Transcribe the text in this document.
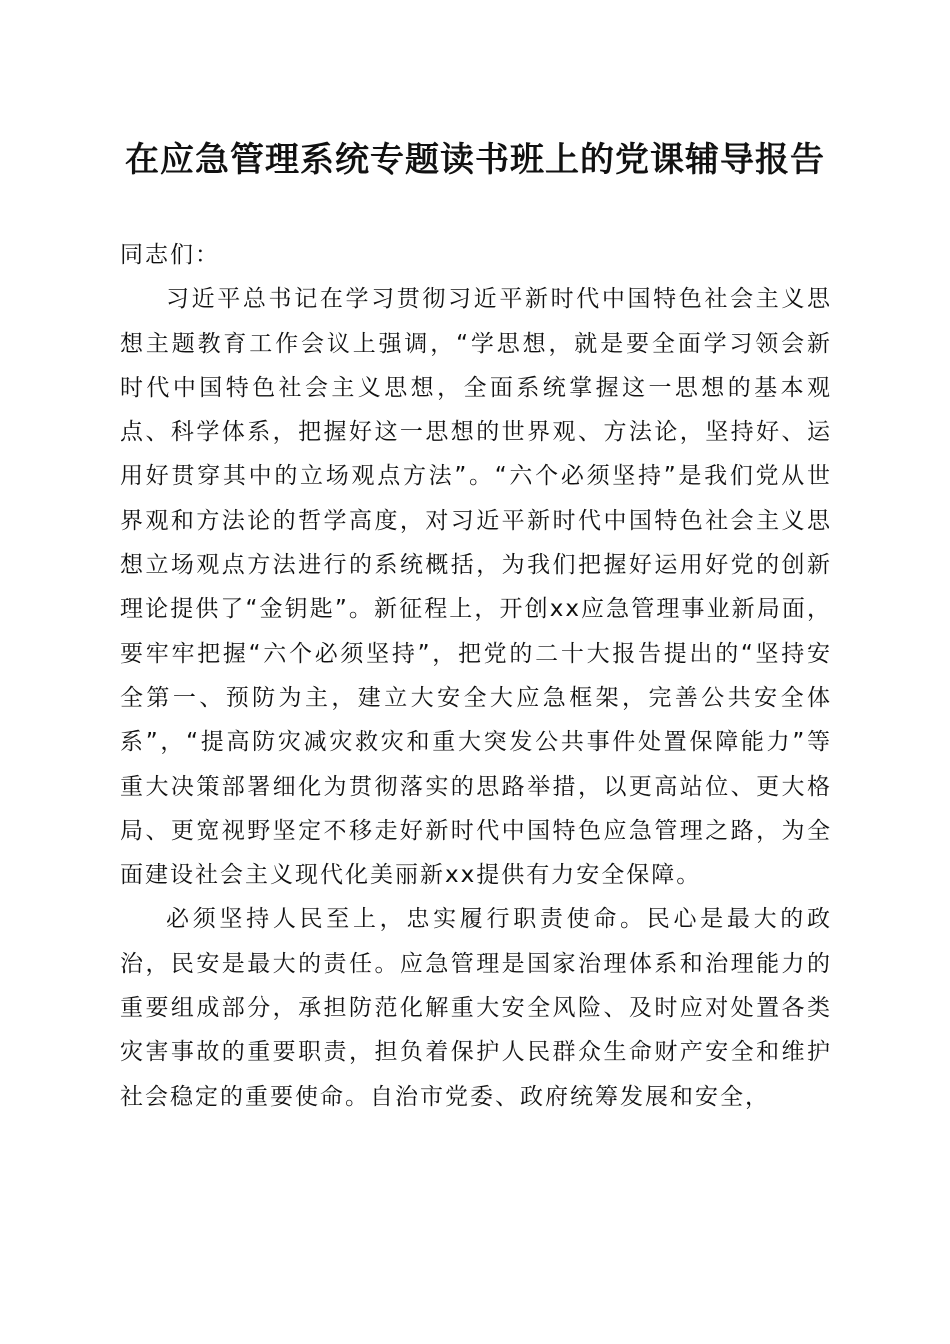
在应急管理系统专题读书班上的党课辅导报告

同志们：

习近平总书记在学习贯彻习近平新时代中国特色社会主义思想主题教育工作会议上强调，“学思想，就是要全面学习领会新时代中国特色社会主义思想，全面系统掌握这一思想的基本观点、科学体系，把握好这一思想的世界观、方法论，坚持好、运用好贯穿其中的立场观点方法”。“六个必须坚持”是我们党从世界观和方法论的哲学高度，对习近平新时代中国特色社会主义思想立场观点方法进行的系统概括，为我们把握好运用好党的创新理论提供了“金钥匙”。新征程上，开创xx应急管理事业新局面，要牢牢把握“六个必须坚持”，把党的二十大报告提出的“坚持安全第一、预防为主，建立大安全大应急框架，完善公共安全体系”，“提高防灾减灾救灾和重大突发公共事件处置保障能力”等重大决策部署细化为贯彻落实的思路举措，以更高站位、更大格局、更宽视野坚定不移走好新时代中国特色应急管理之路，为全面建设社会主义现代化美丽新xx提供有力安全保障。

必须坚持人民至上，忠实履行职责使命。民心是最大的政治，民安是最大的责任。应急管理是国家治理体系和治理能力的重要组成部分，承担防范化解重大安全风险、及时应对处置各类灾害事故的重要职责，担负着保护人民群众生命财产安全和维护社会稳定的重要使命。自治市党委、政府统筹发展和安全，
